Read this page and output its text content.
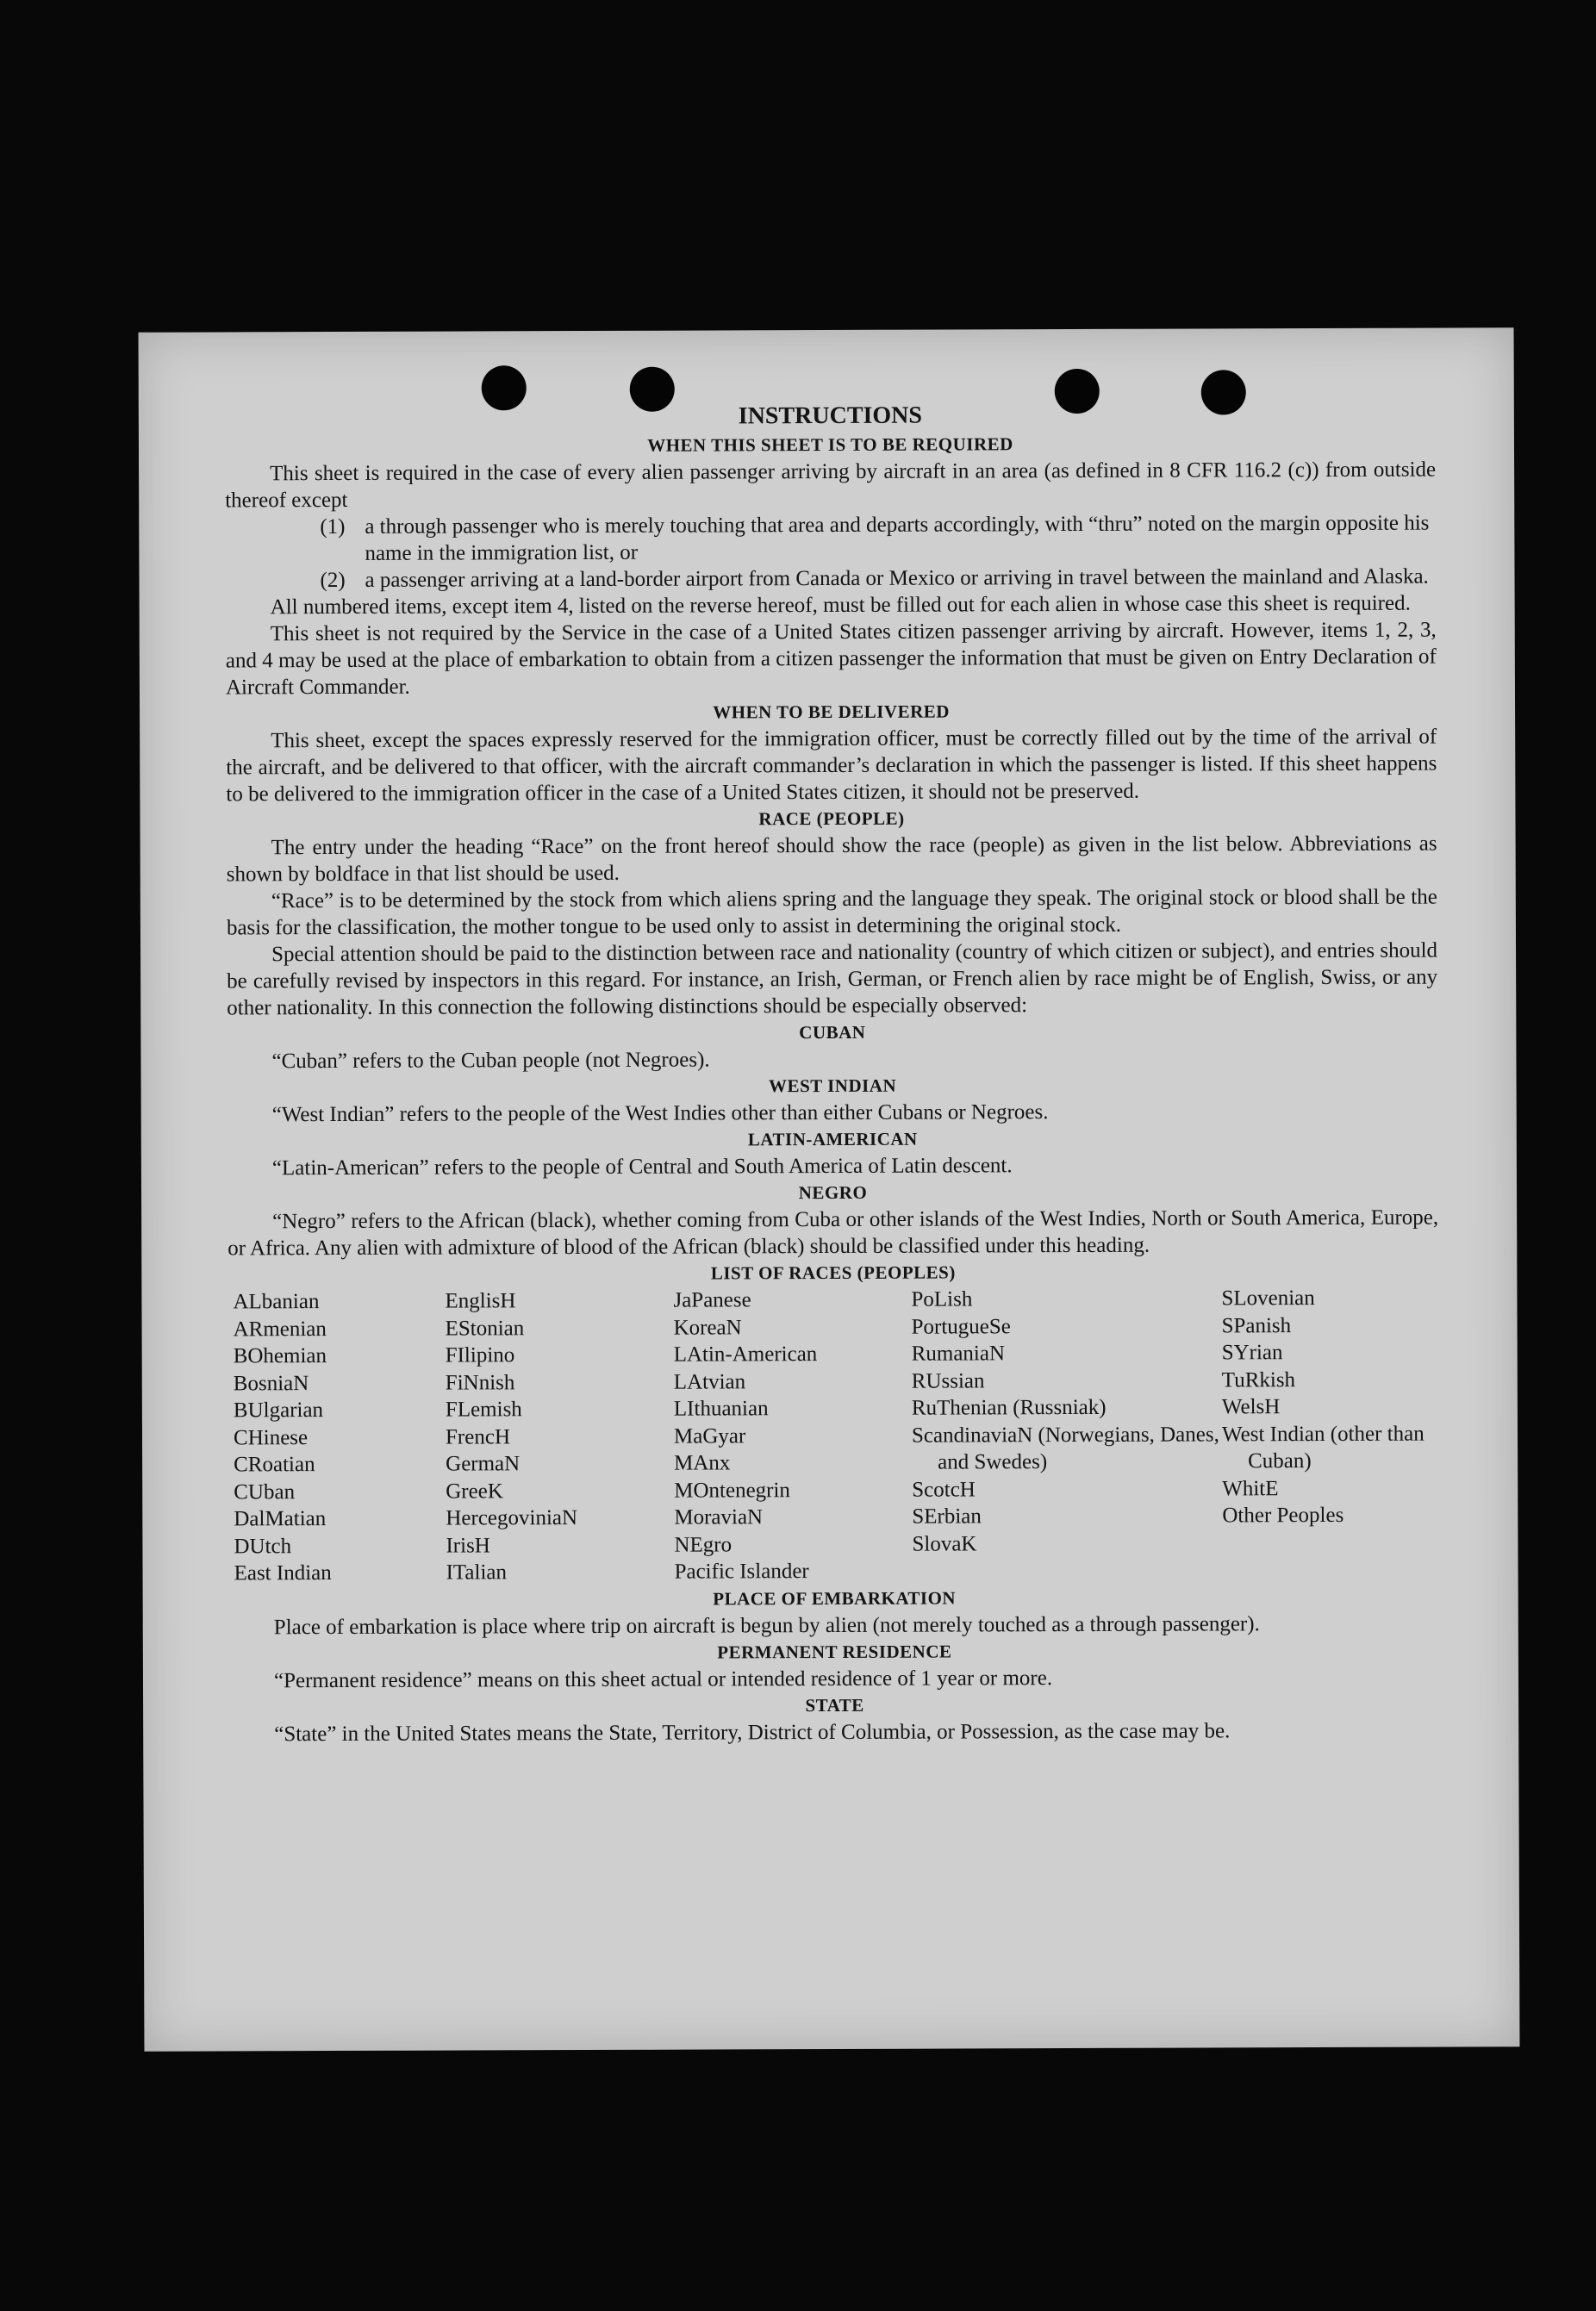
INSTRUCTIONS
WHEN THIS SHEET IS TO BE REQUIRED

This sheet is required in the case of every alien passenger arriving by aircraft in an area (as defined in 8 CFR 116.2 (c)) from outside thereof except

(1) a through passenger who is merely touching that area and departs accordingly, with “thru” noted on the margin opposite his name in the immigration list, or
(2) a passenger arriving at a land-border airport from Canada or Mexico or arriving in travel between the mainland and Alaska.

All numbered items, except item 4, listed on the reverse hereof, must be filled out for each alien in whose case this sheet is required.

This sheet is not required by the Service in the case of a United States citizen passenger arriving by aircraft. However, items 1, 2, 3, and 4 may be used at the place of embarkation to obtain from a citizen passenger the information that must be given on Entry Declaration of Aircraft Commander.

WHEN TO BE DELIVERED

This sheet, except the spaces expressly reserved for the immigration officer, must be correctly filled out by the time of the arrival of the aircraft, and be delivered to that officer, with the aircraft commander’s declaration in which the passenger is listed. If this sheet happens to be delivered to the immigration officer in the case of a United States citizen, it should not be preserved.

RACE (PEOPLE)

The entry under the heading “Race” on the front hereof should show the race (people) as given in the list below. Abbreviations as shown by boldface in that list should be used.

“Race” is to be determined by the stock from which aliens spring and the language they speak. The original stock or blood shall be the basis for the classification, the mother tongue to be used only to assist in determining the original stock.

Special attention should be paid to the distinction between race and nationality (country of which citizen or subject), and entries should be carefully revised by inspectors in this regard. For instance, an Irish, German, or French alien by race might be of English, Swiss, or any other nationality. In this connection the following distinctions should be especially observed:

CUBAN

“Cuban” refers to the Cuban people (not Negroes).

WEST INDIAN

“West Indian” refers to the people of the West Indies other than either Cubans or Negroes.

LATIN-AMERICAN

“Latin-American” refers to the people of Central and South America of Latin descent.

NEGRO

“Negro” refers to the African (black), whether coming from Cuba or other islands of the West Indies, North or South America, Europe, or Africa. Any alien with admixture of blood of the African (black) should be classified under this heading.

LIST OF RACES (PEOPLES)
ALbanian
ARmenian
BOhemian
BosniaN
BUlgarian
CHinese
CRoatian
CUban
DalMatian
DUtch
East Indian
EnglisH
EStonian
FIlipino
FiNnish
FLemish
FrencH
GermaN
GreeK
HercegoviniaN
IrisH
ITalian
JaPanese
KoreaN
LAtin-American
LAtvian
LIthuanian
MaGyar
MAnx
MOntenegrin
MoraviaN
NEgro
Pacific Islander
PoLish
PortugueSe
RumaniaN
RUssian
RuThenian (Russniak)
ScandinaviaN (Norwegians, Danes, and Swedes)
ScotcH
SErbian
SlovaK
SLovenian
SPanish
SYrian
TuRkish
WelsH
West Indian (other than Cuban)
WhitE
Other Peoples
PLACE OF EMBARKATION

Place of embarkation is place where trip on aircraft is begun by alien (not merely touched as a through passenger).

PERMANENT RESIDENCE

“Permanent residence” means on this sheet actual or intended residence of 1 year or more.

STATE

“State” in the United States means the State, Territory, District of Columbia, or Possession, as the case may be.
